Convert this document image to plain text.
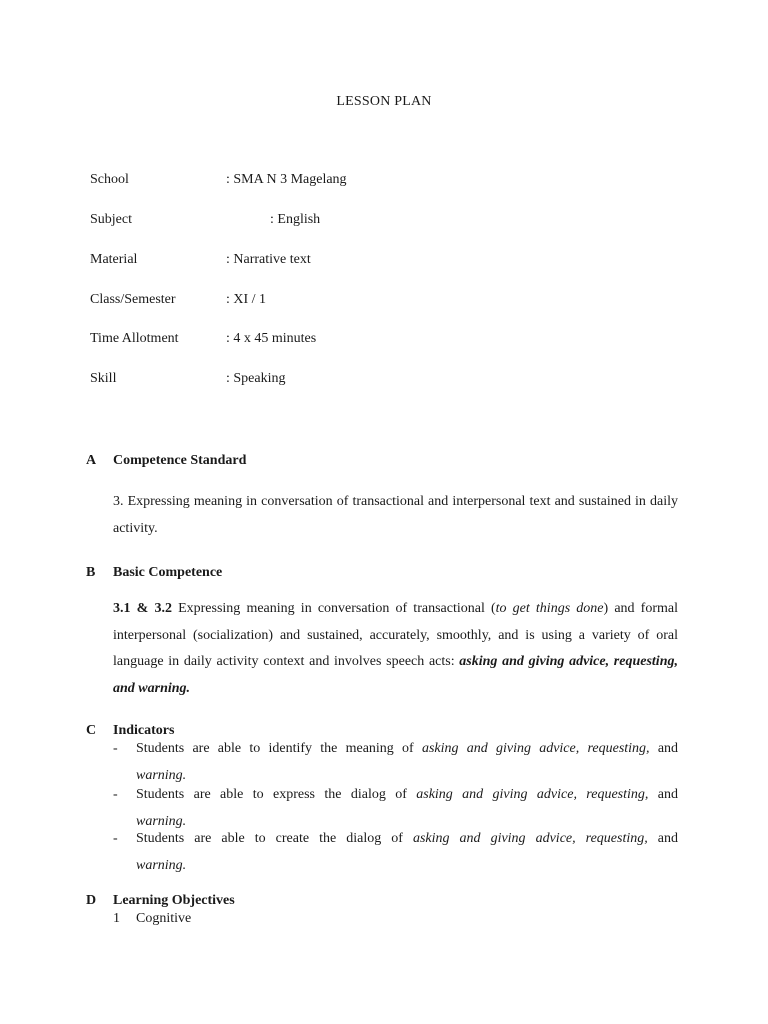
LESSON PLAN
School	: SMA N 3 Magelang
Subject	: English
Material	: Narrative text
Class/Semester	: XI / 1
Time Allotment	: 4 x 45 minutes
Skill	: Speaking
A Competence Standard
3. Expressing meaning in conversation of transactional and interpersonal text and sustained in daily activity.
B Basic Competence
3.1 & 3.2 Expressing meaning in conversation of transactional (to get things done) and formal interpersonal (socialization) and sustained, accurately, smoothly, and is using a variety of oral language in daily activity context and involves speech acts: asking and giving advice, requesting, and warning.
C Indicators
- Students are able to identify the meaning of asking and giving advice, requesting, and
warning.
- Students are able to express the dialog of asking and giving advice, requesting, and
warning.
- Students are able to create the dialog of asking and giving advice, requesting, and
warning.
D Learning Objectives
1 Cognitive
